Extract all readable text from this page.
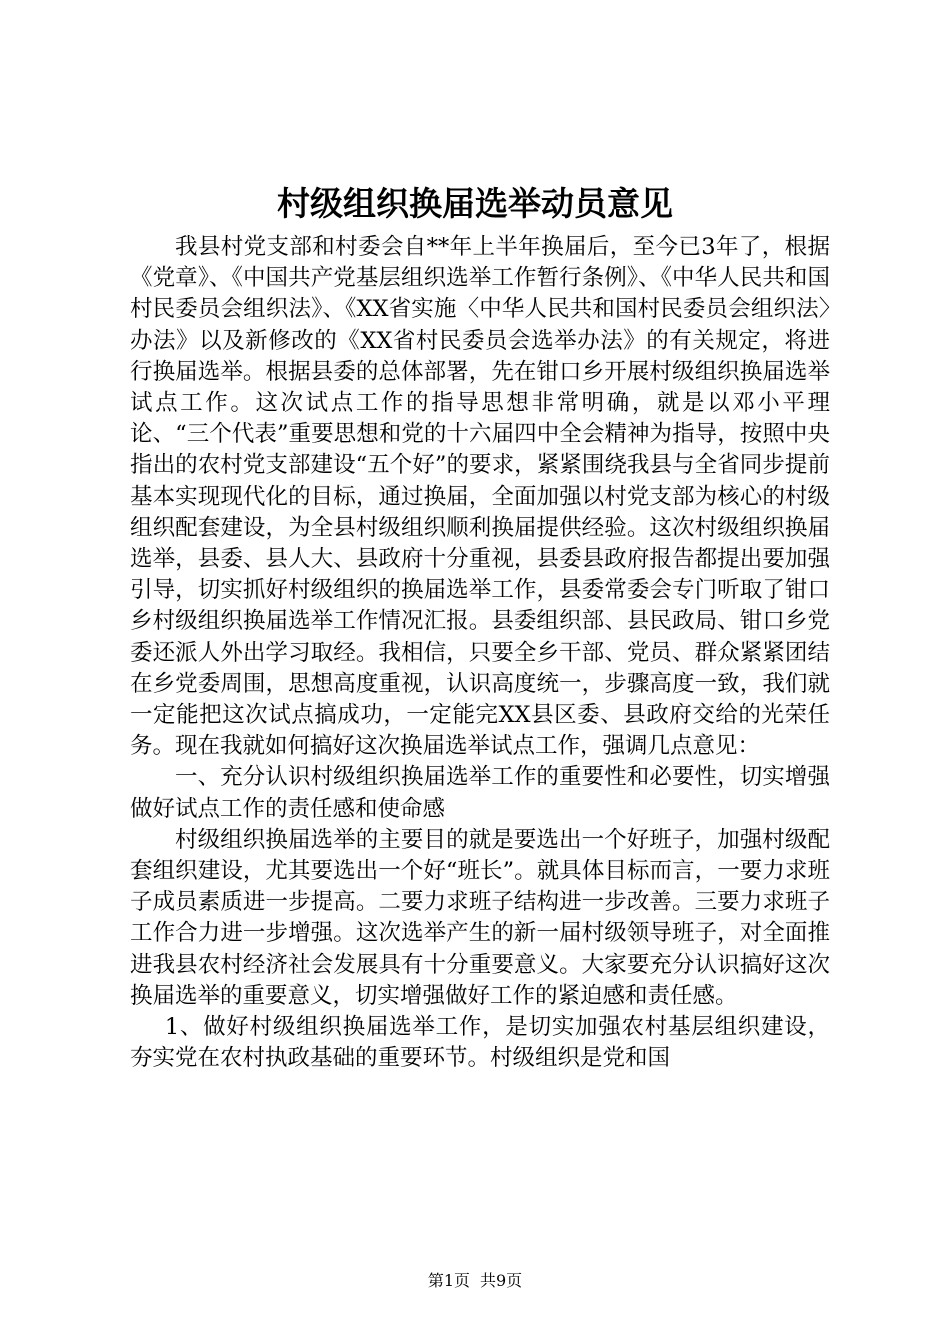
村级组织换届选举动员意见

我县村党支部和村委会自**年上半年换届后，至今已3年了，根据《党章》、《中国共产党基层组织选举工作暂行条例》、《中华人民共和国村民委员会组织法》、《XX省实施〈中华人民共和国村民委员会组织法〉办法》以及新修改的《XX省村民委员会选举办法》的有关规定，将进行换届选举。根据县委的总体部署，先在钳口乡开展村级组织换届选举试点工作。这次试点工作的指导思想非常明确，就是以邓小平理论、“三个代表”重要思想和党的十六届四中全会精神为指导，按照中央指出的农村党支部建设“五个好”的要求，紧紧围绕我县与全省同步提前基本实现现代化的目标，通过换届，全面加强以村党支部为核心的村级组织配套建设，为全县村级组织顺利换届提供经验。这次村级组织换届选举，县委、县人大、县政府十分重视，县委县政府报告都提出要加强引导，切实抓好村级组织的换届选举工作，县委常委会专门听取了钳口乡村级组织换届选举工作情况汇报。县委组织部、县民政局、钳口乡党委还派人外出学习取经。我相信，只要全乡干部、党员、群众紧紧团结在乡党委周围，思想高度重视，认识高度统一，步骤高度一致，我们就一定能把这次试点搞成功，一定能完XX县区委、县政府交给的光荣任务。现在我就如何搞好这次换届选举试点工作，强调几点意见：

一、充分认识村级组织换届选举工作的重要性和必要性，切实增强做好试点工作的责任感和使命感

村级组织换届选举的主要目的就是要选出一个好班子，加强村级配套组织建设，尤其要选出一个好“班长”。就具体目标而言，一要力求班子成员素质进一步提高。二要力求班子结构进一步改善。三要力求班子工作合力进一步增强。这次选举产生的新一届村级领导班子，对全面推进我县农村经济社会发展具有十分重要意义。大家要充分认识搞好这次换届选举的重要意义，切实增强做好工作的紧迫感和责任感。

1、做好村级组织换届选举工作，是切实加强农村基层组织建设，夯实党在农村执政基础的重要环节。村级组织是党和国

第1页 共9页
